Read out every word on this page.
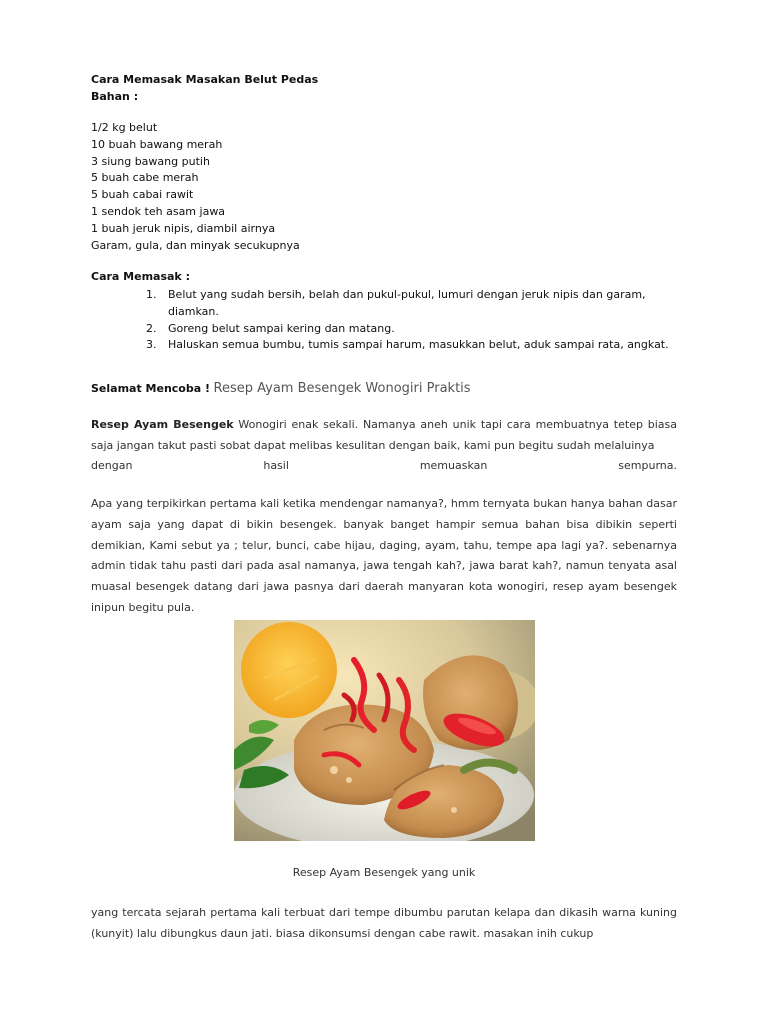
Cara Memasak Masakan Belut Pedas
Bahan :
1/2 kg belut
10 buah bawang merah
3 siung bawang putih
5 buah cabe merah
5 buah cabai rawit
1 sendok teh asam jawa
1 buah jeruk nipis, diambil airnya
Garam, gula, dan minyak secukupnya
Cara Memasak :
1. Belut yang sudah bersih, belah dan pukul-pukul, lumuri dengan jeruk nipis dan garam, diamkan.
2. Goreng belut sampai kering dan matang.
3. Haluskan semua bumbu, tumis sampai harum, masukkan belut, aduk sampai rata, angkat.
Selamat Mencoba ! Resep Ayam Besengek Wonogiri Praktis
Resep Ayam Besengek Wonogiri enak sekali. Namanya aneh unik tapi cara membuatnya tetep biasa saja jangan takut pasti sobat dapat melibas kesulitan dengan baik, kami pun begitu sudah melaluinya
dengan	hasil	memuaskan	sempurna.
Apa yang terpikirkan pertama kali ketika mendengar namanya?, hmm ternyata bukan hanya bahan dasar ayam saja yang dapat di bikin besengek. banyak banget hampir semua bahan bisa dibikin seperti demikian, Kami sebut ya ; telur, bunci, cabe hijau, daging, ayam, tahu, tempe apa lagi ya?. sebenarnya admin tidak tahu pasti dari pada asal namanya, jawa tengah kah?, jawa barat kah?, namun tenyata asal muasal besengek datang dari jawa pasnya dari daerah manyaran kota wonogiri, resep ayam besengek inipun begitu pula.
Resep Ayam Besengek yang unik
yang tercata sejarah pertama kali terbuat dari tempe dibumbu parutan kelapa dan dikasih warna kuning (kunyit) lalu dibungkus daun jati. biasa dikonsumsi dengan cabe rawit. masakan inih cukup
